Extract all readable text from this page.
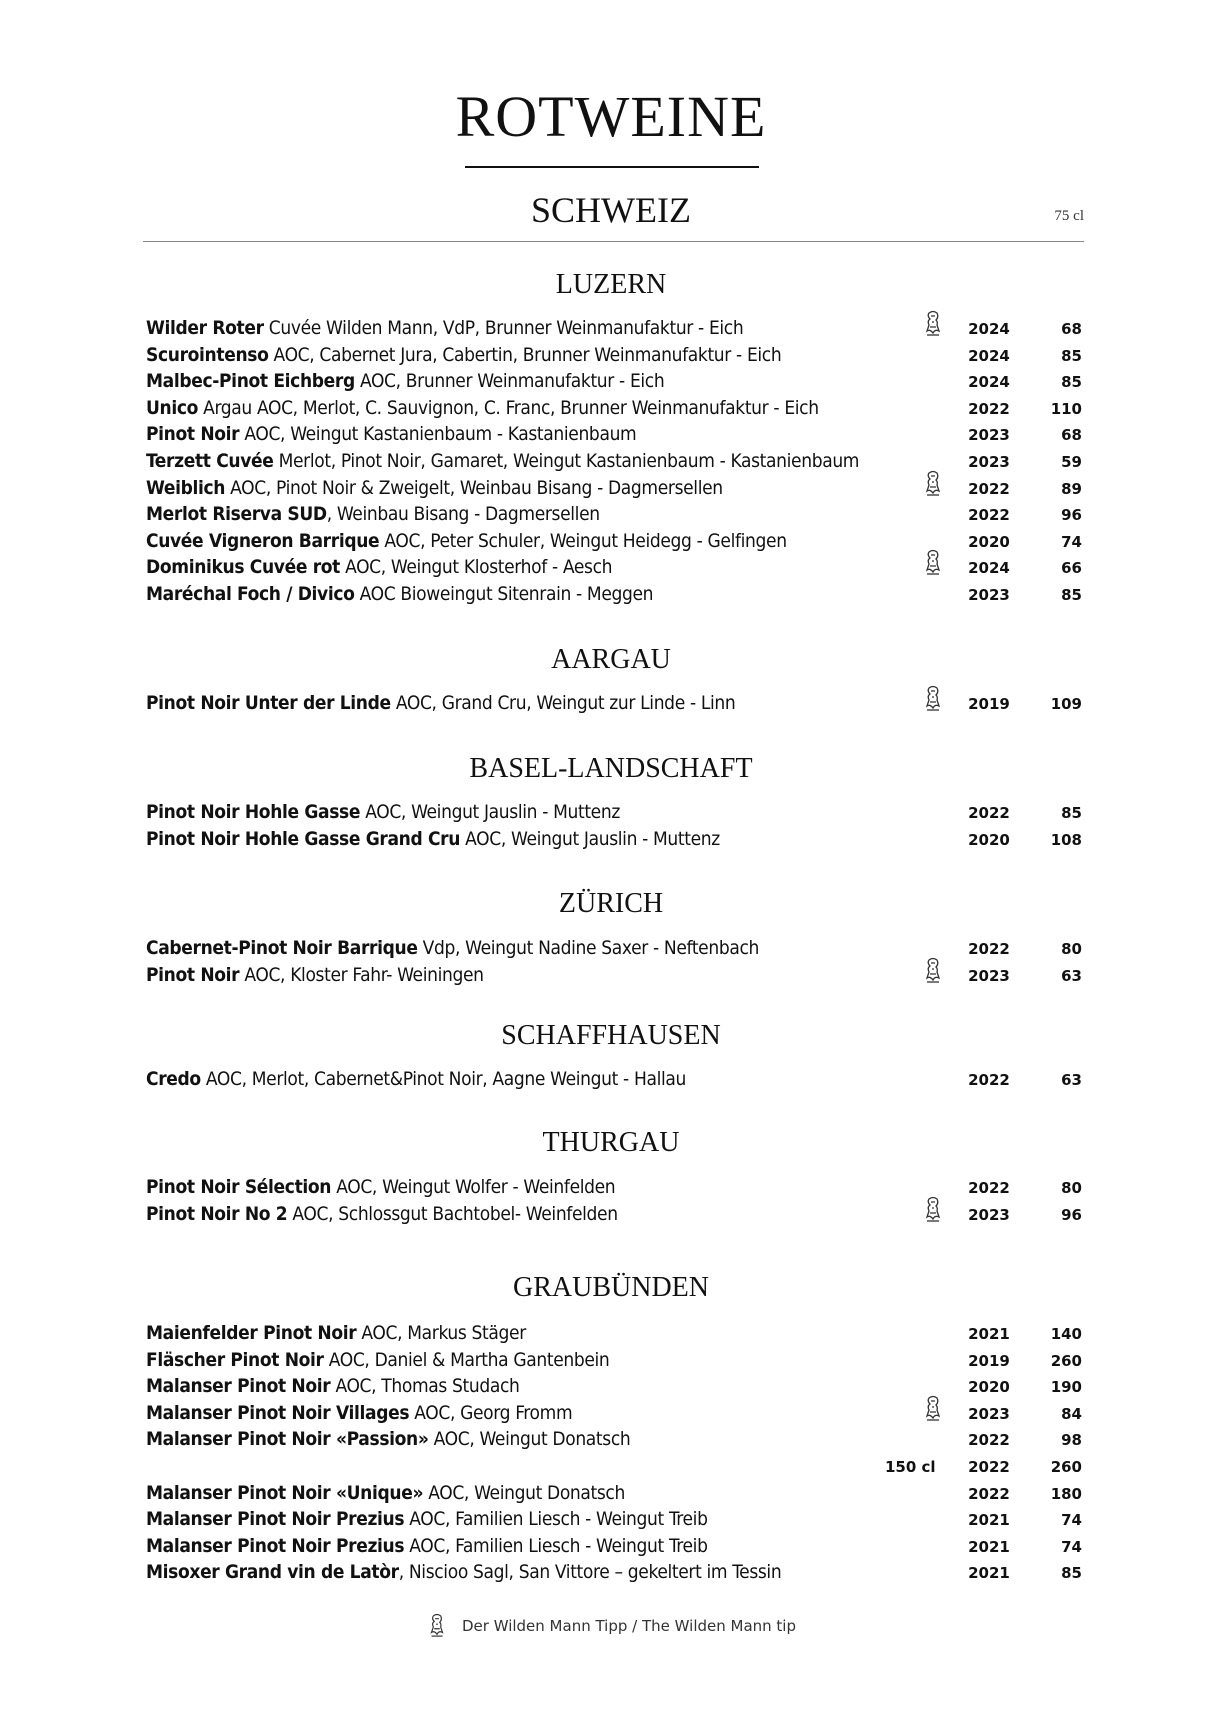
ROTWEINE
SCHWEIZ	75 cl
LUZERN
Wilder Roter Cuvée Wilden Mann, VdP, Brunner Weinmanufaktur - Eich	2024	68
Scurointenso AOC, Cabernet Jura, Cabertin, Brunner Weinmanufaktur - Eich	2024	85
Malbec-Pinot Eichberg AOC, Brunner Weinmanufaktur - Eich	2024	85
Unico Argau AOC, Merlot, C. Sauvignon, C. Franc, Brunner Weinmanufaktur - Eich	2022	110
Pinot Noir AOC, Weingut Kastanienbaum - Kastanienbaum	2023	68
Terzett Cuvée Merlot, Pinot Noir, Gamaret, Weingut Kastanienbaum - Kastanienbaum	2023	59
Weiblich AOC, Pinot Noir & Zweigelt, Weinbau Bisang - Dagmersellen	2022	89
Merlot Riserva SUD, Weinbau Bisang - Dagmersellen	2022	96
Cuvée Vigneron Barrique AOC, Peter Schuler, Weingut Heidegg - Gelfingen	2020	74
Dominikus Cuvée rot AOC, Weingut Klosterhof - Aesch	2024	66
Maréchal Foch / Divico AOC Bioweingut Sitenrain - Meggen	2023	85
AARGAU
Pinot Noir Unter der Linde AOC, Grand Cru, Weingut zur Linde - Linn	2019	109
BASEL-LANDSCHAFT
Pinot Noir Hohle Gasse AOC, Weingut Jauslin - Muttenz	2022	85
Pinot Noir Hohle Gasse Grand Cru AOC, Weingut Jauslin - Muttenz	2020	108
ZÜRICH
Cabernet-Pinot Noir Barrique Vdp, Weingut Nadine Saxer - Neftenbach	2022	80
Pinot Noir AOC, Kloster Fahr- Weiningen	2023	63
SCHAFFHAUSEN
Credo AOC, Merlot, Cabernet&Pinot Noir, Aagne Weingut - Hallau	2022	63
THURGAU
Pinot Noir Sélection AOC, Weingut Wolfer - Weinfelden	2022	80
Pinot Noir No 2 AOC, Schlossgut Bachtobel- Weinfelden	2023	96
GRAUBÜNDEN
Maienfelder Pinot Noir AOC, Markus Stäger	2021	140
Fläscher Pinot Noir AOC, Daniel & Martha Gantenbein	2019	260
Malanser Pinot Noir AOC, Thomas Studach	2020	190
Malanser Pinot Noir Villages AOC, Georg Fromm	2023	84
Malanser Pinot Noir «Passion» AOC, Weingut Donatsch	2022	98
150 cl 2022	260
Malanser Pinot Noir «Unique» AOC, Weingut Donatsch	2022	180
Malanser Pinot Noir Prezius AOC, Familien Liesch - Weingut Treib	2021	74
Malanser Pinot Noir Prezius AOC, Familien Liesch - Weingut Treib	2021	74
Misoxer Grand vin de Latòr, Niscioo Sagl, San Vittore – gekeltert im Tessin	2021	85
Der Wilden Mann Tipp / The Wilden Mann tip
